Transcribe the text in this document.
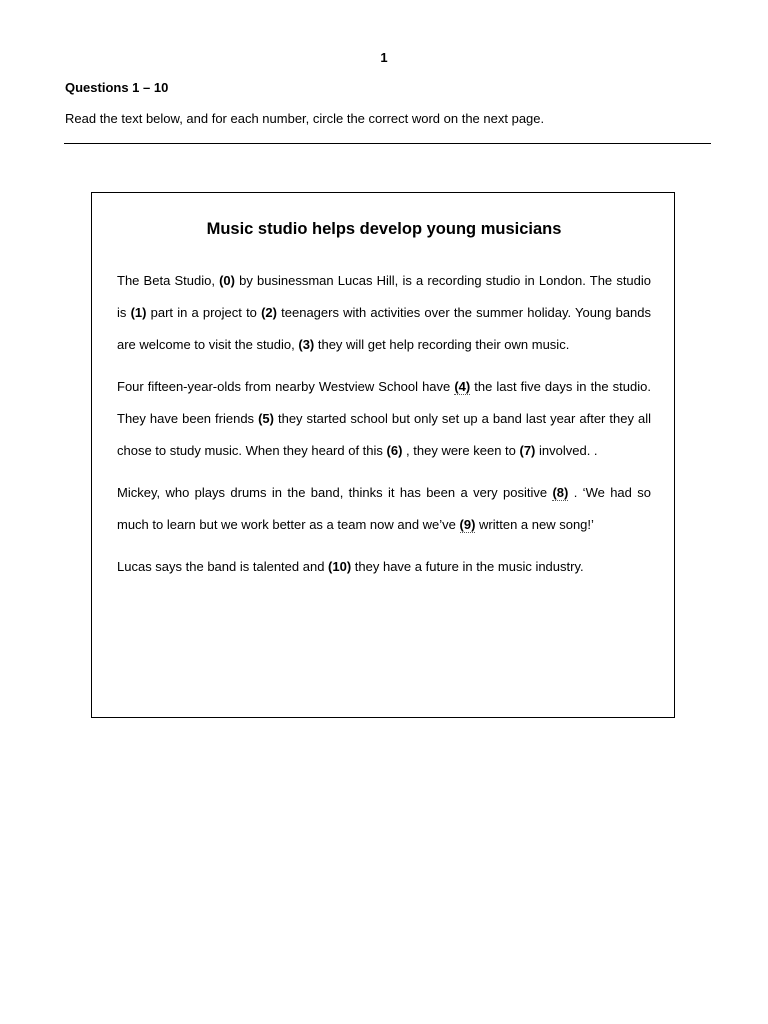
1
Questions 1 – 10
Read the text below, and for each number, circle the correct word on the next page.
Music studio helps develop young musicians

The Beta Studio, (0) by businessman Lucas Hill, is a recording studio in London. The studio is (1) part in a project to (2) teenagers with activities over the summer holiday. Young bands are welcome to visit the studio, (3) they will get help recording their own music.

Four fifteen-year-olds from nearby Westview School have (4) the last five days in the studio. They have been friends (5) they started school but only set up a band last year after they all chose to study music. When they heard of this (6) , they were keen to (7) involved. .

Mickey, who plays drums in the band, thinks it has been a very positive (8) . ‘We had so much to learn but we work better as a team now and we’ve (9) written a new song!’

Lucas says the band is talented and (10) they have a future in the music industry.
